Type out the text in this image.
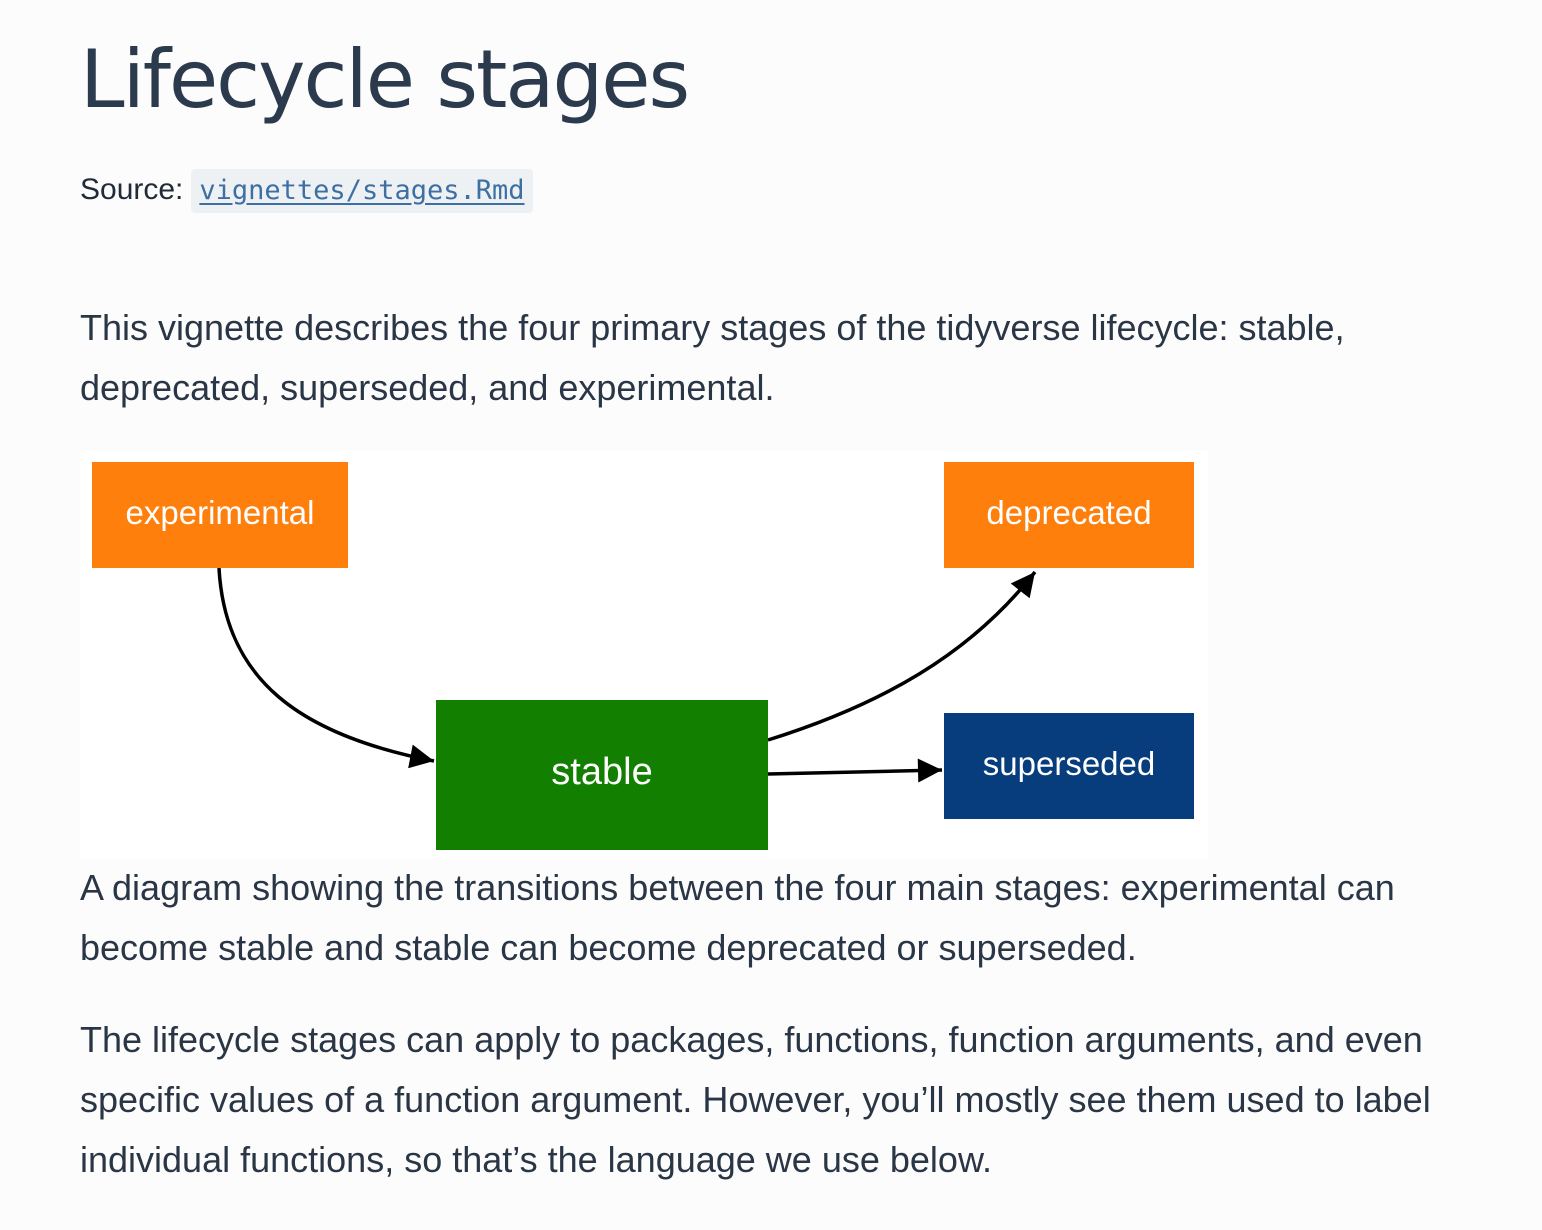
Lifecycle stages
Source: vignettes/stages.Rmd

This vignette describes the four primary stages of the tidyverse lifecycle: stable, deprecated, superseded, and experimental.

experimental	deprecated
stable	superseded

A diagram showing the transitions between the four main stages: experimental can become stable and stable can become deprecated or superseded.

The lifecycle stages can apply to packages, functions, function arguments, and even specific values of a function argument. However, you’ll mostly see them used to label individual functions, so that’s the language we use below.
